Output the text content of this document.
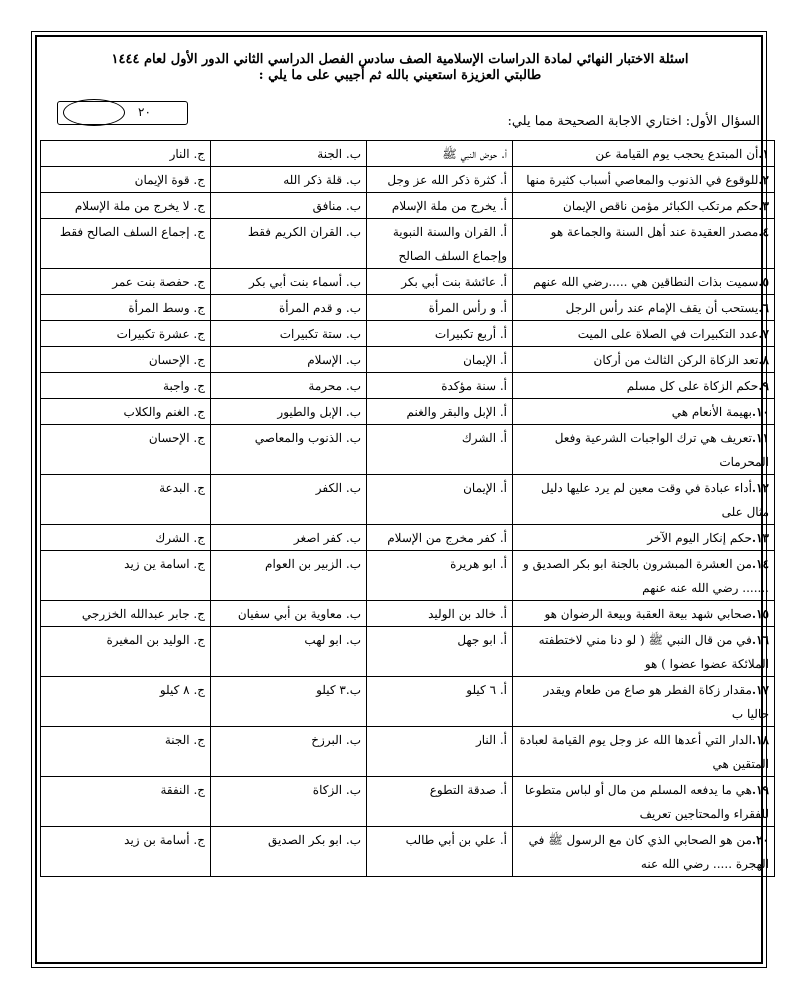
اسئلة الاختبار النهائي لمادة الدراسات الإسلامية الصف سادس الفصل الدراسي الثاني الدور الأول لعام ١٤٤٤
طالبتي العزيزة استعيني بالله ثم أجيبي على ما يلي :
٢٠
السؤال الأول: اختاري الاجابة الصحيحة مما يلي:
١.أن المبتدع يحجب يوم القيامة عن	أ. حوض النبي ﷺ	ب. الجنة	ج. النار
٢.للوقوع في الذنوب والمعاصي أسباب كثيرة منها	أ. كثرة ذكر الله عز وجل	ب. قلة ذكر الله	ج. قوة الإيمان
٣.حكم مرتكب الكبائر مؤمن ناقص الإيمان	أ. يخرج من ملة الإسلام	ب. منافق	ج. لا يخرج من ملة الإسلام
٤.مصدر العقيدة عند أهل السنة والجماعة هو	أ. القران والسنة النبوية وإجماع السلف الصالح	ب. القران الكريم فقط	ج. إجماع السلف الصالح فقط
٥.سميت بذات النطاقين هي .....رضي الله عنهم	أ. عائشة بنت أبي بكر	ب. أسماء بنت أبي بكر	ج. حفصة بنت عمر
٦.يستحب أن يقف الإمام عند رأس الرجل	أ. و رأس المرأة	ب. و قدم المرأة	ج. وسط المرأة
٧.عدد التكبيرات في الصلاة على الميت	أ. أربع تكبيرات	ب. ستة تكبيرات	ج. عشرة تكبيرات
٨.تعد الزكاة الركن الثالث من أركان	أ. الإيمان	ب. الإسلام	ج. الإحسان
٩.حكم الزكاة على كل مسلم	أ. سنة مؤكدة	ب. محرمة	ج. واجبة
١٠.بهيمة الأنعام هي	أ. الإبل والبقر والغنم	ب. الإبل والطيور	ج. الغنم والكلاب
١١.تعريف هي ترك الواجبات الشرعية وفعل المحرمات	أ. الشرك	ب. الذنوب والمعاصي	ج. الإحسان
١٢.أداء عبادة في وقت معين لم يرد عليها دليل مثال على	أ. الإيمان	ب. الكفر	ج. البدعة
١٣.حكم إنكار اليوم الآخر	أ. كفر مخرج من الإسلام	ب. كفر اصغر	ج. الشرك
١٤.من العشرة المبشرون بالجنة ابو بكر الصديق و ....... رضي الله عنه عنهم	أ. ابو هريرة	ب. الزبير بن العوام	ج. اسامة ين زيد
١٥.صحابي شهد بيعة العقبة وبيعة الرضوان هو	أ. خالد بن الوليد	ب. معاوية بن أبي سفيان	ج. جابر عبدالله الخزرجي
١٦.في من قال النبي ﷺ ( لو دنا مني لاختطفته الملائكة عضوا عضوا ) هو	أ. ابو جهل	ب. ابو لهب	ج. الوليد بن المغيرة
١٧.مقدار زكاة الفطر هو صاع من طعام ويقدر حاليا ب	أ. ٦ كيلو	ب.٣ كيلو	ج. ٨ كيلو
١٨.الدار التي أعدها الله عز وجل يوم القيامة لعبادة المتقين هي	أ. النار	ب. البرزخ	ج. الجنة
١٩.هي ما يدفعه المسلم من مال أو لباس متطوعا للفقراء والمحتاجين تعريف	أ. صدقة التطوع	ب. الزكاة	ج. النفقة
٢٠.من هو الصحابي الذي كان مع الرسول ﷺ في الهجرة ..... رضي الله عنه	أ. علي بن أبي طالب	ب. ابو بكر الصديق	ج. أسامة بن زيد
